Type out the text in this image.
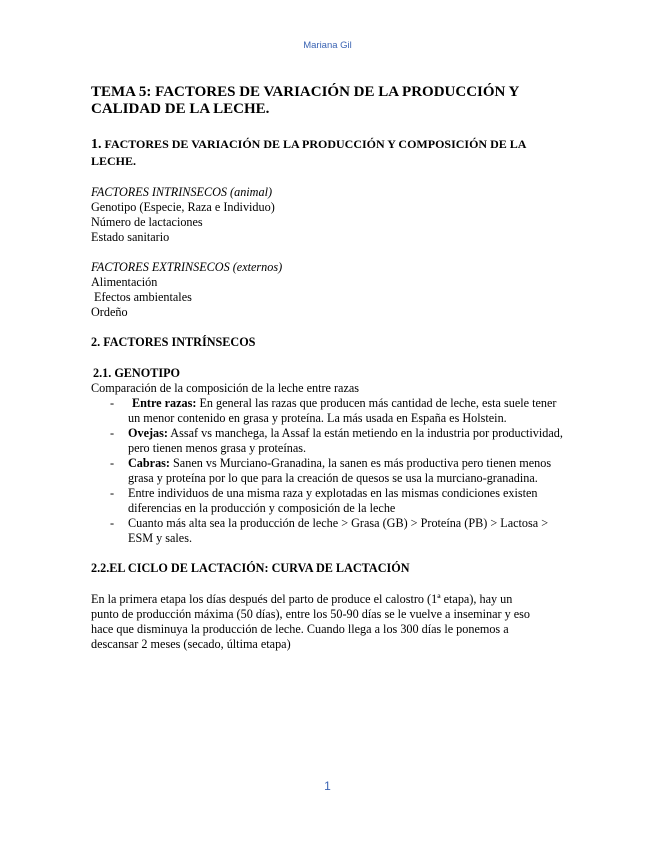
Mariana Gil
TEMA 5: FACTORES DE VARIACIÓN DE LA PRODUCCIÓN Y CALIDAD DE LA LECHE.
1. FACTORES DE VARIACIÓN DE LA PRODUCCIÓN Y COMPOSICIÓN DE LA LECHE.
FACTORES INTRINSECOS (animal)
Genotipo (Especie, Raza e Individuo)
Número de lactaciones
Estado sanitario
FACTORES EXTRINSECOS (externos)
Alimentación
Efectos ambientales
Ordeño
2. FACTORES INTRÍNSECOS
2.1. GENOTIPO
Comparación de la composición de la leche entre razas
- Entre razas: En general las razas que producen más cantidad de leche, esta suele tener un menor contenido en grasa y proteína. La más usada en España es Holstein.
- Ovejas: Assaf vs manchega, la Assaf la están metiendo en la industria por productividad, pero tienen menos grasa y proteínas.
- Cabras: Sanen vs Murciano-Granadina, la sanen es más productiva pero tienen menos grasa y proteína por lo que para la creación de quesos se usa la murciano-granadina.
- Entre individuos de una misma raza y explotadas en las mismas condiciones existen diferencias en la producción y composición de la leche
- Cuanto más alta sea la producción de leche > Grasa (GB) > Proteína (PB) > Lactosa > ESM y sales.
2.2.EL CICLO DE LACTACIÓN: CURVA DE LACTACIÓN
En la primera etapa los días después del parto de produce el calostro (1ª etapa), hay un punto de producción máxima (50 días), entre los 50-90 días se le vuelve a inseminar y eso hace que disminuya la producción de leche. Cuando llega a los 300 días le ponemos a descansar 2 meses (secado, última etapa)
1
